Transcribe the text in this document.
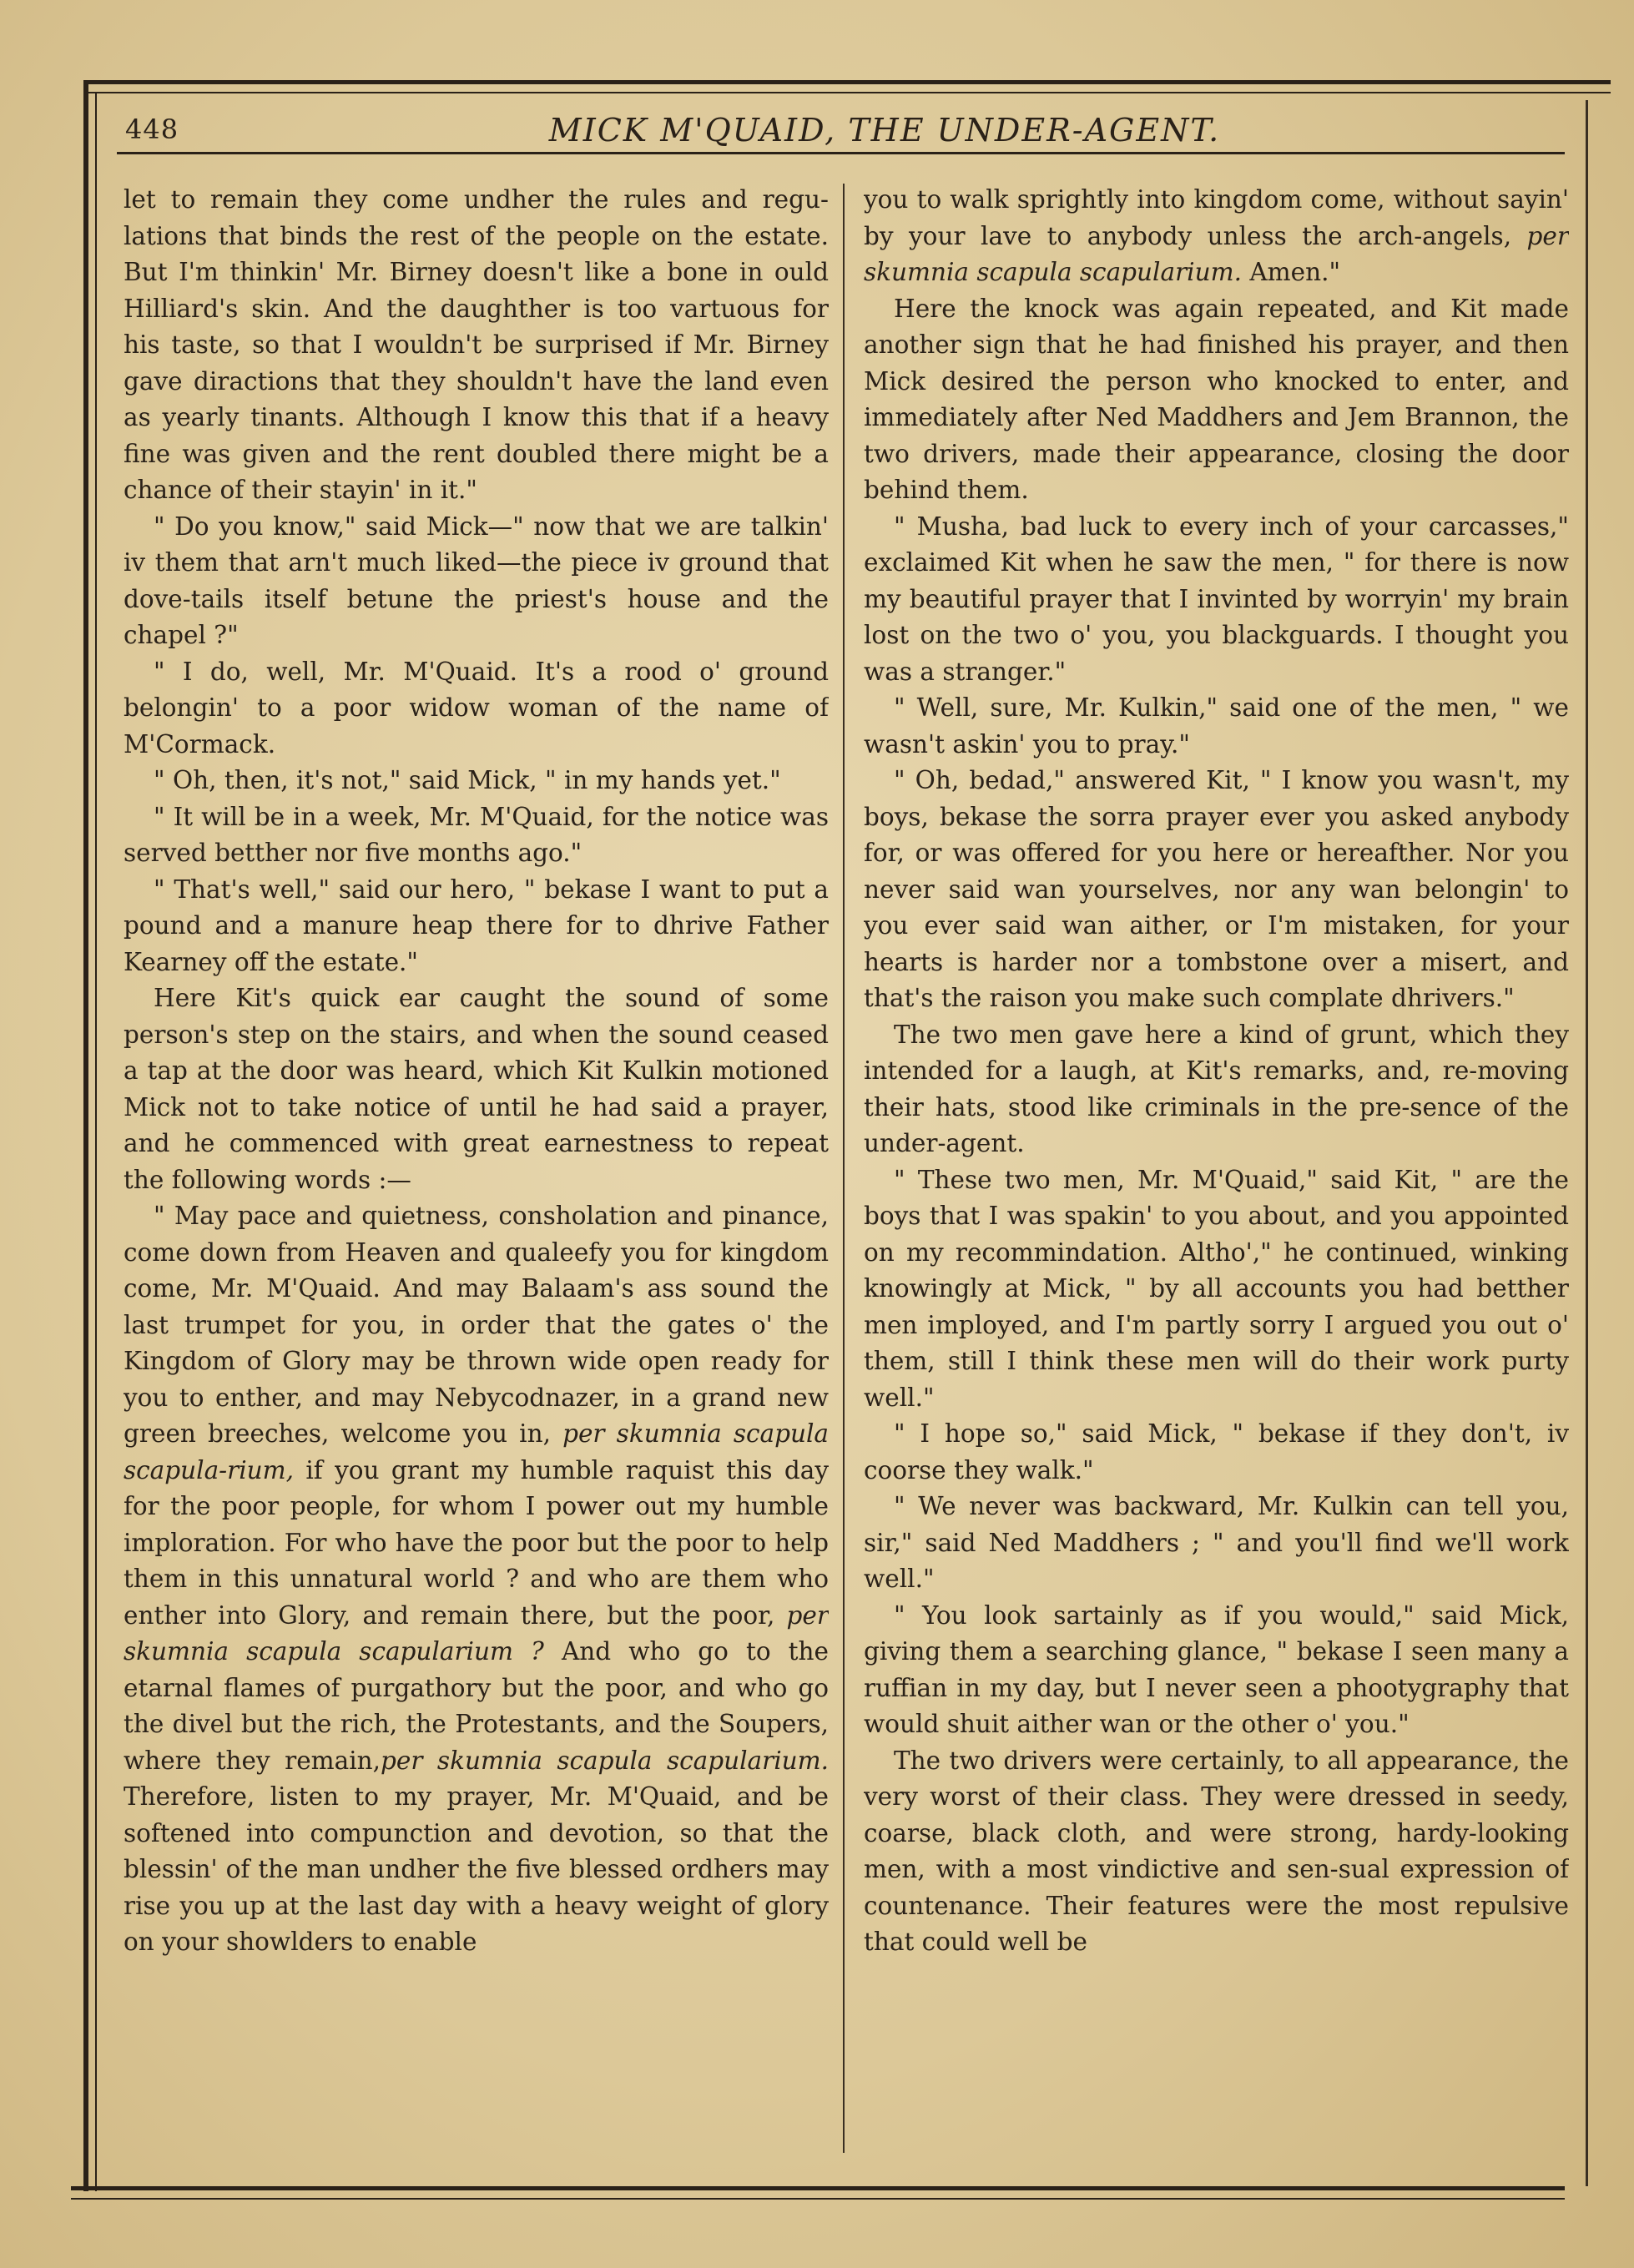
448	MICK M'QUAID, THE UNDER-AGENT.

let to remain they come undher the rules and regu-lations that binds the rest of the people on the estate. But I'm thinkin' Mr. Birney doesn't like a bone in ould Hilliard's skin. And the daughther is too vartuous for his taste, so that I wouldn't be surprised if Mr. Birney gave diractions that they shouldn't have the land even as yearly tinants. Although I know this that if a heavy fine was given and the rent doubled there might be a chance of their stayin' in it."

" Do you know," said Mick—" now that we are talkin' iv them that arn't much liked—the piece iv ground that dove-tails itself betune the priest's house and the chapel ?"

" I do, well, Mr. M'Quaid. It's a rood o' ground belongin' to a poor widow woman of the name of M'Cormack.

" Oh, then, it's not," said Mick, " in my hands yet."

" It will be in a week, Mr. M'Quaid, for the notice was served betther nor five months ago."

" That's well," said our hero, " bekase I want to put a pound and a manure heap there for to dhrive Father Kearney off the estate."

Here Kit's quick ear caught the sound of some person's step on the stairs, and when the sound ceased a tap at the door was heard, which Kit Kulkin motioned Mick not to take notice of until he had said a prayer, and he commenced with great earnestness to repeat the following words :—

" May pace and quietness, consholation and pinance, come down from Heaven and qualeefy you for kingdom come, Mr. M'Quaid. And may Balaam's ass sound the last trumpet for you, in order that the gates o' the Kingdom of Glory may be thrown wide open ready for you to enther, and may Nebycodnazer, in a grand new green breeches, welcome you in, per skumnia scapula scapula-rium, if you grant my humble raquist this day for the poor people, for whom I power out my humble imploration. For who have the poor but the poor to help them in this unnatural world ? and who are them who enther into Glory, and remain there, but the poor, per skumnia scapula scapularium ? And who go to the etarnal flames of purgathory but the poor, and who go the divel but the rich, the Protestants, and the Soupers, where they remain,per skumnia scapula scapularium. Therefore, listen to my prayer, Mr. M'Quaid, and be softened into compunction and devotion, so that the blessin' of the man undher the five blessed ordhers may rise you up at the last day with a heavy weight of glory on your showlders to enable

you to walk sprightly into kingdom come, without sayin' by your lave to anybody unless the arch-angels, per skumnia scapula scapularium. Amen."

Here the knock was again repeated, and Kit made another sign that he had finished his prayer, and then Mick desired the person who knocked to enter, and immediately after Ned Maddhers and Jem Brannon, the two drivers, made their appearance, closing the door behind them.

" Musha, bad luck to every inch of your carcasses," exclaimed Kit when he saw the men, " for there is now my beautiful prayer that I invinted by worryin' my brain lost on the two o' you, you blackguards. I thought you was a stranger."

" Well, sure, Mr. Kulkin," said one of the men, " we wasn't askin' you to pray."

" Oh, bedad," answered Kit, " I know you wasn't, my boys, bekase the sorra prayer ever you asked anybody for, or was offered for you here or hereafther. Nor you never said wan yourselves, nor any wan belongin' to you ever said wan aither, or I'm mistaken, for your hearts is harder nor a tombstone over a misert, and that's the raison you make such complate dhrivers."

The two men gave here a kind of grunt, which they intended for a laugh, at Kit's remarks, and, re-moving their hats, stood like criminals in the pre-sence of the under-agent.

" These two men, Mr. M'Quaid," said Kit, " are the boys that I was spakin' to you about, and you appointed on my recommindation. Altho'," he continued, winking knowingly at Mick, " by all accounts you had betther men imployed, and I'm partly sorry I argued you out o' them, still I think these men will do their work purty well."

" I hope so," said Mick, " bekase if they don't, iv coorse they walk."

" We never was backward, Mr. Kulkin can tell you, sir," said Ned Maddhers ; " and you'll find we'll work well."

" You look sartainly as if you would," said Mick, giving them a searching glance, " bekase I seen many a ruffian in my day, but I never seen a phootygraphy that would shuit aither wan or the other o' you."

The two drivers were certainly, to all appearance, the very worst of their class. They were dressed in seedy, coarse, black cloth, and were strong, hardy-looking men, with a most vindictive and sen-sual expression of countenance. Their features were the most repulsive that could well be
